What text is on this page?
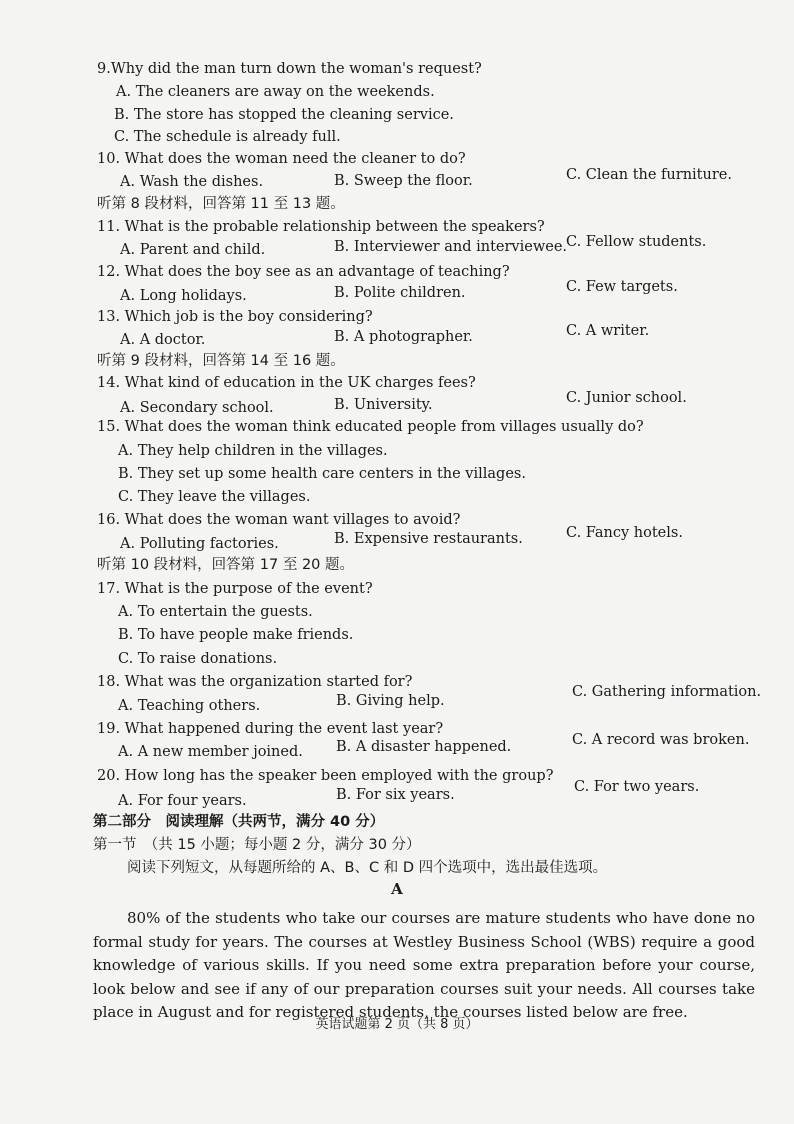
9.Why did the man turn down the woman's request?
A. The cleaners are away on the weekends.
B. The store has stopped the cleaning service.
C. The schedule is already full.
10. What does the woman need the cleaner to do?
A. Wash the dishes.	B. Sweep the floor.	C. Clean the furniture.
听第 8 段材料，回答第 11 至 13 题。
11. What is the probable relationship between the speakers?
A. Parent and child.	B. Interviewer and interviewee.
C. Fellow students.
12. What does the boy see as an advantage of teaching?
A. Long holidays.	B. Polite children.	C. Few targets.
13. Which job is the boy considering?
A. A doctor.	B. A photographer.	C. A writer.
听第 9 段材料，回答第 14 至 16 题。
14. What kind of education in the UK charges fees?
A. Secondary school.	B. University.	C. Junior school.
15. What does the woman think educated people from villages usually do?
A. They help children in the villages.
B. They set up some health care centers in the villages.
C. They leave the villages.
16. What does the woman want villages to avoid?
A. Polluting factories.	B. Expensive restaurants.	C. Fancy hotels.
听第 10 段材料，回答第 17 至 20 题。
17. What is the purpose of the event?
A. To entertain the guests.
B. To have people make friends.
C. To raise donations.
18. What was the organization started for?
A. Teaching others.	B. Giving help.
C. Gathering information.
19. What happened during the event last year?
A. A new member joined. B. A disaster happened.	C. A record was broken.
20. How long has the speaker been employed with the group?
A. For four years.	B. For six years.	C. For two years.
第二部分　阅读理解（共两节，满分 40 分）
第一节　（共 15 小题；每小题 2 分，满分 30 分）
阅读下列短文，从每题所给的 A、B、C 和 D 四个选项中，选出最佳选项。
A

80% of the students who take our courses are mature students who have done no formal study for years. The courses at Westley Business School (WBS) require a good knowledge of various skills. If you need some extra preparation before your course, look below and see if any of our preparation courses suit your needs. All courses take place in August and for registered students, the courses listed below are free.

英语试题第 2 页（共 8 页）
